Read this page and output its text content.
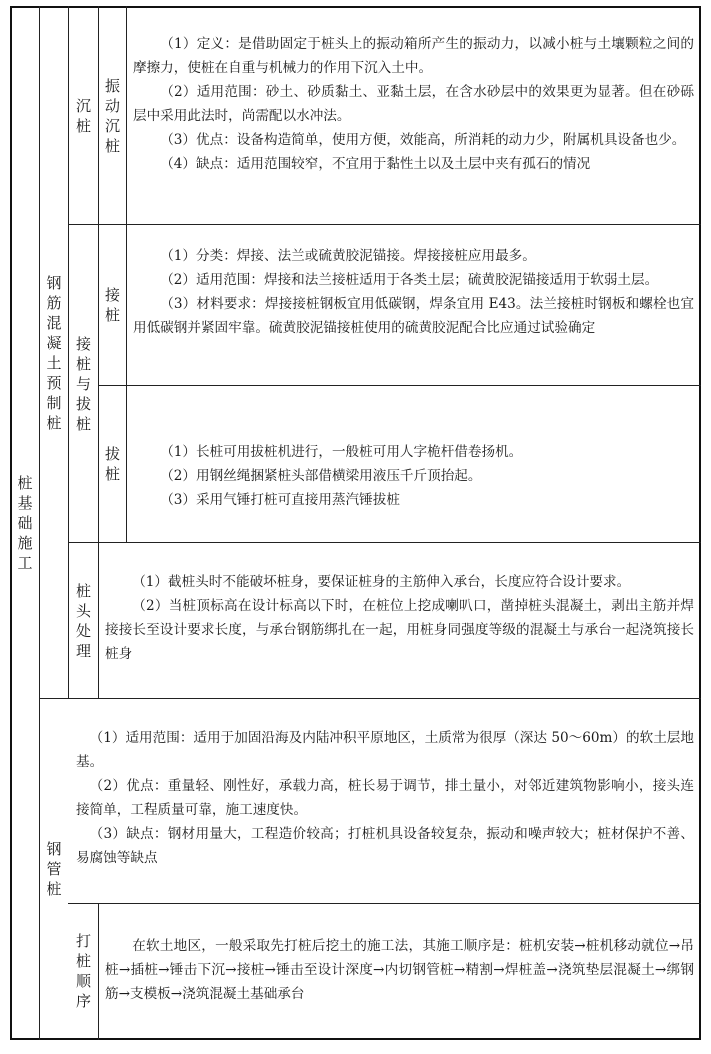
桩基础施工
钢筋混凝土预制桩
沉桩
振动沉桩
接桩与拔桩
接桩
拔桩
桩头处理
钢管桩
打桩顺序

（1）定义：是借助固定于桩头上的振动箱所产生的振动力，以减小桩与土壤颗粒之间的摩擦力，使桩在自重与机械力的作用下沉入土中。

（2）适用范围：砂土、砂质黏土、亚黏土层，在含水砂层中的效果更为显著。但在砂砾层中采用此法时，尚需配以水冲法。

（3）优点：设备构造简单，使用方便，效能高，所消耗的动力少，附属机具设备也少。

（4）缺点：适用范围较窄，不宜用于黏性土以及土层中夹有孤石的情况

（1）分类：焊接、法兰或硫黄胶泥锚接。焊接接桩应用最多。

（2）适用范围：焊接和法兰接桩适用于各类土层；硫黄胶泥锚接适用于软弱土层。

（3）材料要求：焊接接桩钢板宜用低碳钢，焊条宜用 E43。法兰接桩时钢板和螺栓也宜用低碳钢并紧固牢靠。硫黄胶泥锚接桩使用的硫黄胶泥配合比应通过试验确定

（1）长桩可用拔桩机进行，一般桩可用人字桅杆借卷扬机。

（2）用钢丝绳捆紧桩头部借横梁用液压千斤顶抬起。

（3）采用气锤打桩可直接用蒸汽锤拔桩

（1）截桩头时不能破坏桩身，要保证桩身的主筋伸入承台，长度应符合设计要求。

（2）当桩顶标高在设计标高以下时，在桩位上挖成喇叭口，凿掉桩头混凝土，剥出主筋并焊接接长至设计要求长度，与承台钢筋绑扎在一起，用桩身同强度等级的混凝土与承台一起浇筑接长桩身

（1）适用范围：适用于加固沿海及内陆冲积平原地区，土质常为很厚（深达 50～60m）的软土层地基。

（2）优点：重量轻、刚性好，承载力高，桩长易于调节，排土量小，对邻近建筑物影响小，接头连接简单，工程质量可靠，施工速度快。

（3）缺点：钢材用量大，工程造价较高；打桩机具设备较复杂，振动和噪声较大；桩材保护不善、易腐蚀等缺点

在软土地区，一般采取先打桩后挖土的施工法，其施工顺序是：桩机安装→桩机移动就位→吊桩→插桩→锤击下沉→接桩→锤击至设计深度→内切钢管桩→精割→焊桩盖→浇筑垫层混凝土→绑钢筋→支模板→浇筑混凝土基础承台
